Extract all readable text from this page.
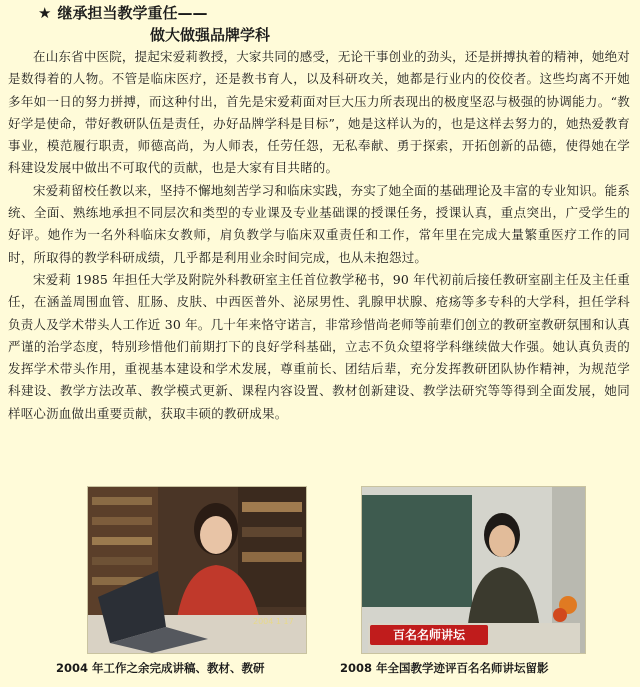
★ 继承担当教学重任——
做大做强品牌学科

在山东省中医院，提起宋爱莉教授，大家共同的感受，无论干事创业的劲头，还是拼搏执着的精神，她绝对是数得着的人物。不管是临床医疗，还是教书育人，以及科研攻关，她都是行业内的佼佼者。这些均离不开她多年如一日的努力拼搏，而这种付出，首先是宋爱莉面对巨大压力所表现出的极度坚忍与极强的协调能力。“教好学是使命，带好教研队伍是责任，办好品牌学科是目标”，她是这样认为的，也是这样去努力的，她热爱教育事业，模范履行职责，师德高尚，为人师表，任劳任怨，无私奉献、勇于探索，开拓创新的品德，使得她在学科建设发展中做出不可取代的贡献，也是大家有目共睹的。

宋爱莉留校任教以来，坚持不懈地刻苦学习和临床实践，夯实了她全面的基础理论及丰富的专业知识。能系统、全面、熟练地承担不同层次和类型的专业课及专业基础课的授课任务，授课认真，重点突出，广受学生的好评。她作为一名外科临床女教师，肩负教学与临床双重责任和工作，常年里在完成大量繁重医疗工作的同时，所取得的教学科研成绩，几乎都是利用业余时间完成，也从未抱怨过。

宋爱莉 1985 年担任大学及附院外科教研室主任首位教学秘书，90 年代初前后接任教研室副主任及主任重任，在涵盖周围血管、肛肠、皮肤、中西医普外、泌尿男性、乳腺甲状腺、疮疡等多专科的大学科，担任学科负责人及学术带头人工作近 30 年。几十年来恪守诺言，非常珍惜尚老师等前辈们创立的教研室教研氛围和认真严谨的治学态度，特别珍惜他们前期打下的良好学科基础，立志不负众望将学科继续做大作强。她认真负责的发挥学术带头作用，重视基本建设和学术发展，尊重前长、团结后辈，充分发挥教研团队协作精神，为规范学科建设、教学方法改革、教学模式更新、课程内容设置、教材创新建设、教学法研究等等得到全面发展，她同样呕心沥血做出重要贡献，获取丰硕的教研成果。

2004 1 17
2004 年工作之余完成讲稿、教材、教研
百名名师讲坛
2008 年全国教学迹评百名名师讲坛留影
